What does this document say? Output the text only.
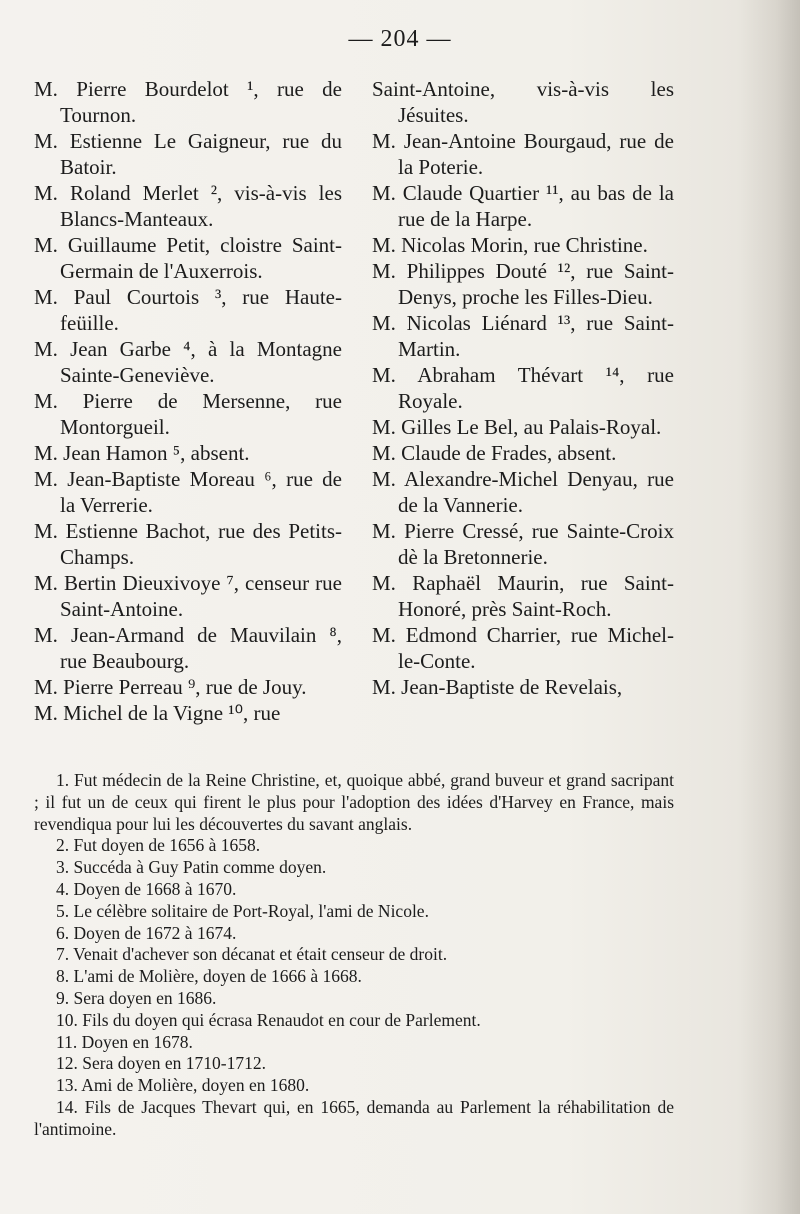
— 204 —
M. Pierre Bourdelot ¹, rue de Tournon.
M. Estienne Le Gaigneur, rue du Batoir.
M. Roland Merlet ², vis-à-vis les Blancs-Manteaux.
M. Guillaume Petit, cloistre Saint-Germain de l'Auxerrois.
M. Paul Courtois ³, rue Haute-feüille.
M. Jean Garbe ⁴, à la Montagne Sainte-Geneviève.
M. Pierre de Mersenne, rue Montorgueil.
M. Jean Hamon ⁵, absent.
M. Jean-Baptiste Moreau ⁶, rue de la Verrerie.
M. Estienne Bachot, rue des Petits-Champs.
M. Bertin Dieuxivoye ⁷, censeur rue Saint-Antoine.
M. Jean-Armand de Mauvilain ⁸, rue Beaubourg.
M. Pierre Perreau ⁹, rue de Jouy.
M. Michel de la Vigne ¹⁰, rue
Saint-Antoine, vis-à-vis les Jésuites.
M. Jean-Antoine Bourgaud, rue de la Poterie.
M. Claude Quartier ¹¹, au bas de la rue de la Harpe.
M. Nicolas Morin, rue Christine.
M. Philippes Douté ¹², rue Saint-Denys, proche les Filles-Dieu.
M. Nicolas Liénard ¹³, rue Saint-Martin.
M. Abraham Thévart ¹⁴, rue Royale.
M. Gilles Le Bel, au Palais-Royal.
M. Claude de Frades, absent.
M. Alexandre-Michel Denyau, rue de la Vannerie.
M. Pierre Cressé, rue Sainte-Croix dè la Bretonnerie.
M. Raphaël Maurin, rue Saint-Honoré, près Saint-Roch.
M. Edmond Charrier, rue Michel-le-Conte.
M. Jean-Baptiste de Revelais,
1. Fut médecin de la Reine Christine, et, quoique abbé, grand buveur et grand sacripant ; il fut un de ceux qui firent le plus pour l'adoption des idées d'Harvey en France, mais revendiqua pour lui les découvertes du savant anglais.
2. Fut doyen de 1656 à 1658.
3. Succéda à Guy Patin comme doyen.
4. Doyen de 1668 à 1670.
5. Le célèbre solitaire de Port-Royal, l'ami de Nicole.
6. Doyen de 1672 à 1674.
7. Venait d'achever son décanat et était censeur de droit.
8. L'ami de Molière, doyen de 1666 à 1668.
9. Sera doyen en 1686.
10. Fils du doyen qui écrasa Renaudot en cour de Parlement.
11. Doyen en 1678.
12. Sera doyen en 1710-1712.
13. Ami de Molière, doyen en 1680.
14. Fils de Jacques Thevart qui, en 1665, demanda au Parlement la réhabilitation de l'antimoine.
